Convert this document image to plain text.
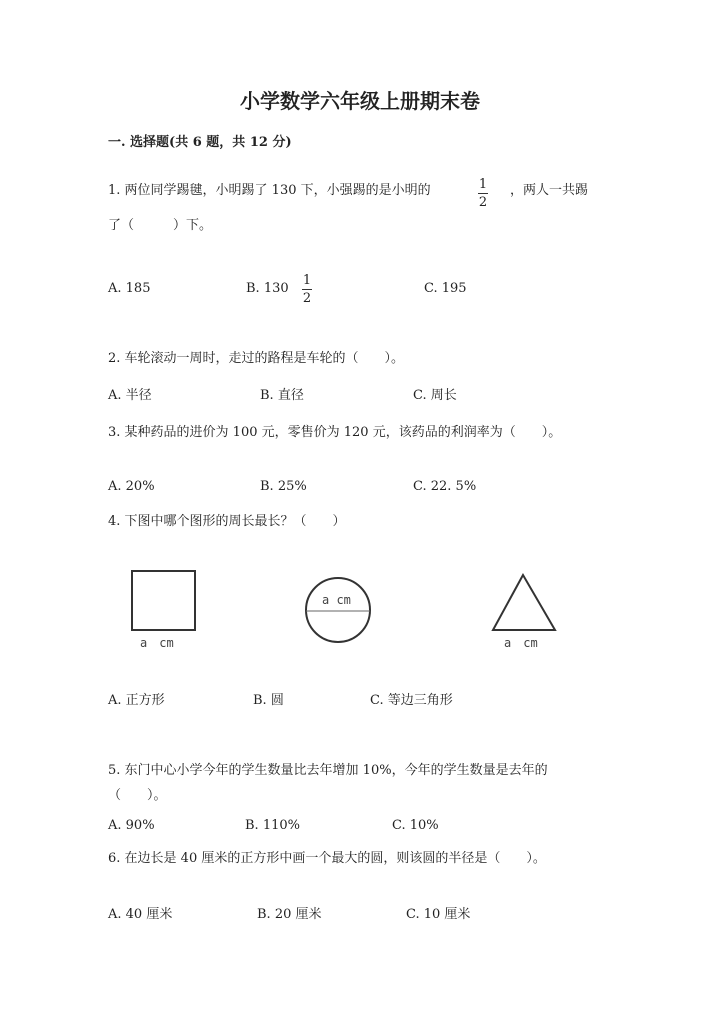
小学数学六年级上册期末卷
一. 选择题(共 6 题，共 12 分)
1. 两位同学踢毽，小明踢了 130 下，小强踢的是小明的	1
2
，两人一共踢
了（　　　）下。
A. 185	B. 130
1
2
C. 195
2. 车轮滚动一周时，走过的路程是车轮的（　　）。
A. 半径	B. 直径	C. 周长
3. 某种药品的进价为 100 元，零售价为 120 元，该药品的利润率为（　　）。
A. 20%	B. 25%	C. 22. 5%
4. 下图中哪个图形的周长最长？（　　）
a　cm
a cm
a　cm
A. 正方形	B. 圆	C. 等边三角形
5. 东门中心小学今年的学生数量比去年增加 10%，今年的学生数量是去年的
（　　）。
A. 90%	B. 110%	C. 10%
6. 在边长是 40 厘米的正方形中画一个最大的圆，则该圆的半径是（　　）。
A. 40 厘米	B. 20 厘米	C. 10 厘米
